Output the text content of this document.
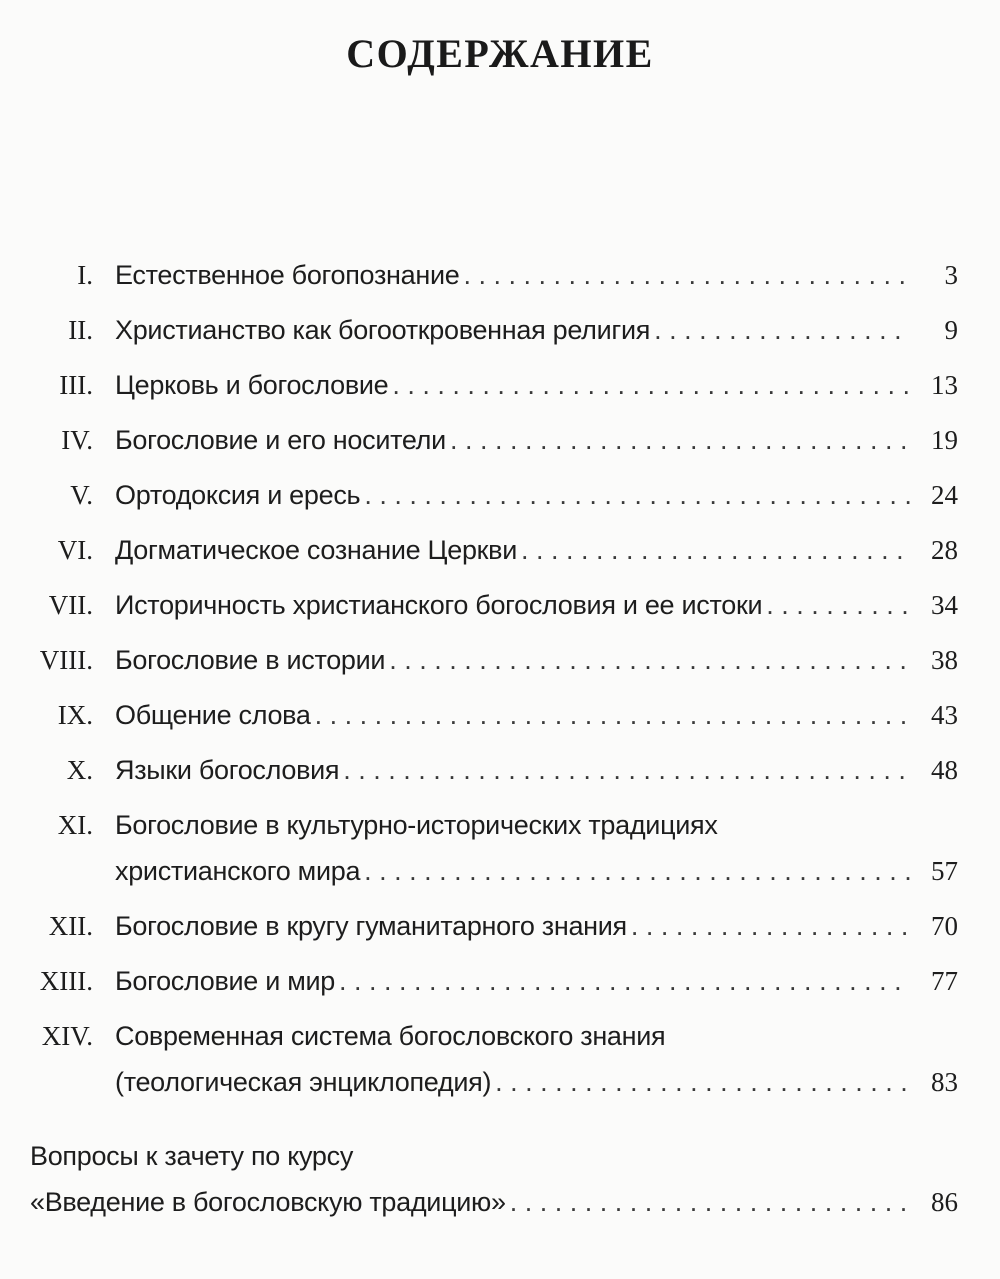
СОДЕРЖАНИЕ
I. Естественное богопознание . . .	3
II. Христианство как богооткровенная религия . . .	9
III. Церковь и богословие . . .	13
IV. Богословие и его носители . . .	19
V. Ортодоксия и ересь . . .	24
VI. Догматическое сознание Церкви . . .	28
VII. Историчность христианского богословия и ее истоки . . .	34
VIII. Богословие в истории . . .	38
IX. Общение слова . . .	43
X. Языки богословия . . .	48
XI. Богословие в культурно-исторических традициях
христианского мира . . .	57
XII. Богословие в кругу гуманитарного знания . . .	70
XIII. Богословие и мир . . .	77
XIV. Современная система богословского знания
(теологическая энциклопедия) . . .	83
Вопросы к зачету по курсу
«Введение в богословскую традицию» . . .	86
